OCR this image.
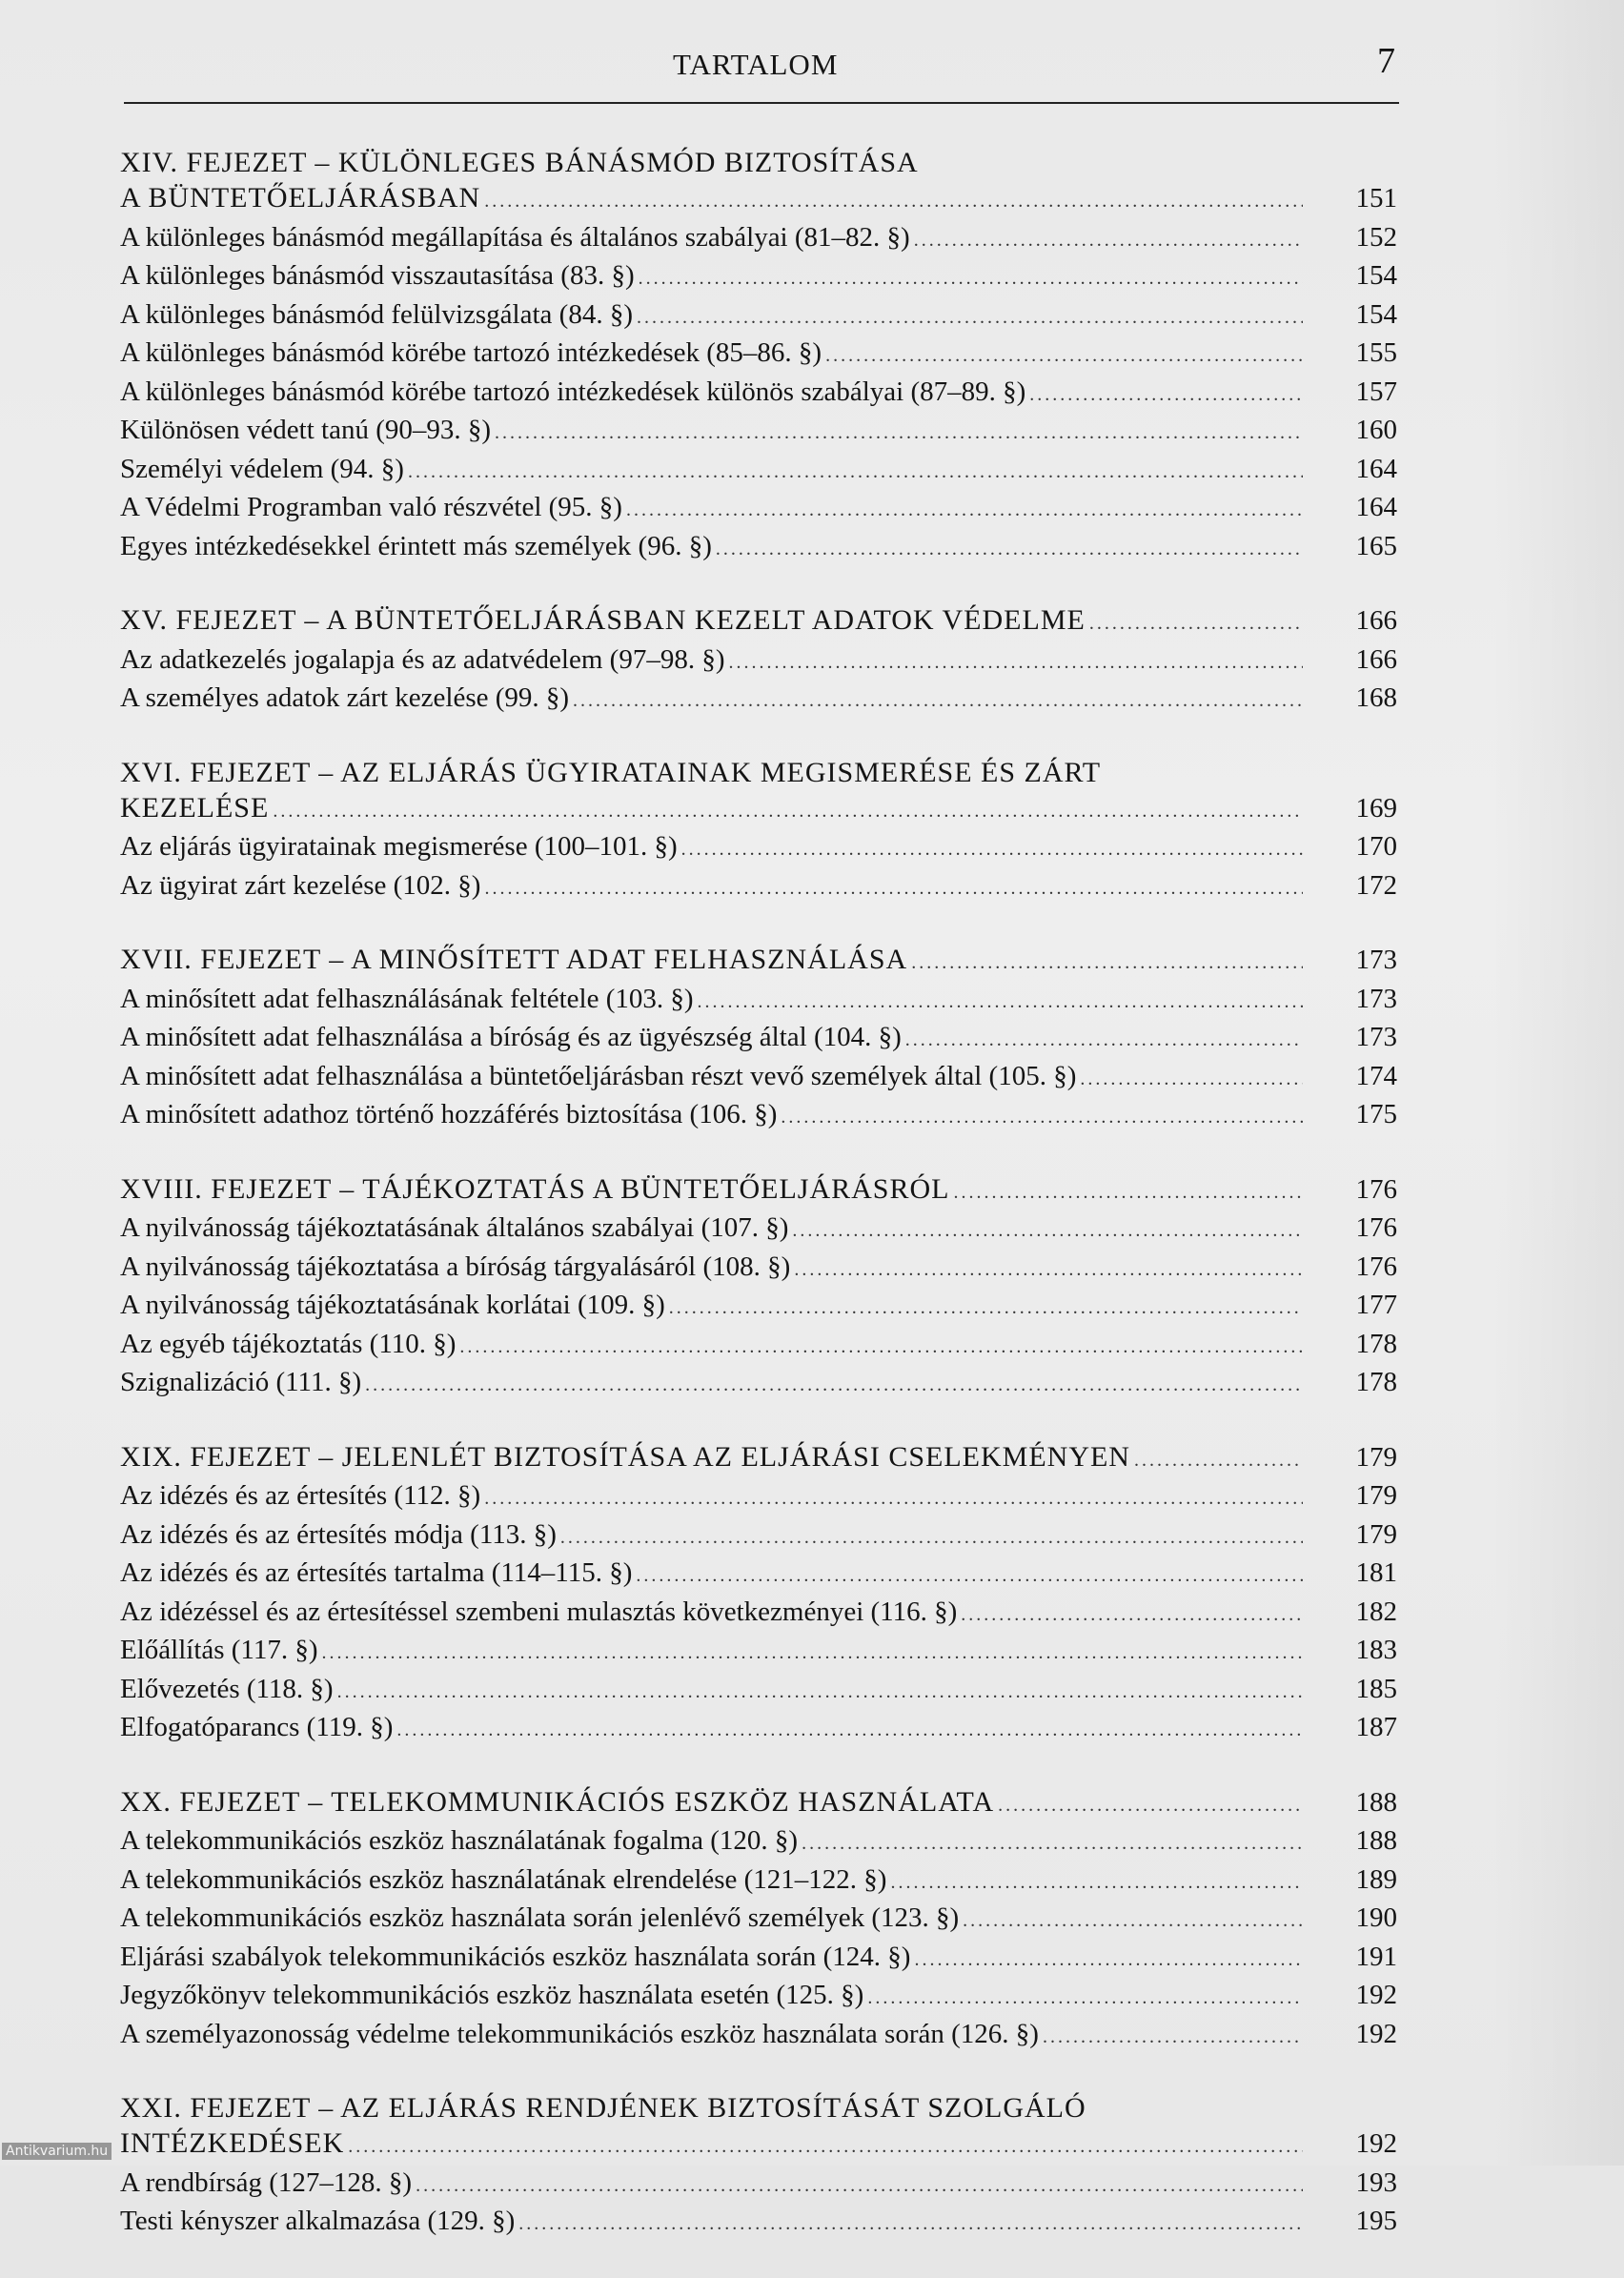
TARTALOM	7
XIV. FEJEZET – KÜLÖNLEGES BÁNÁSMÓD BIZTOSÍTÁSA
A BÜNTETŐELJÁRÁSBAN .....	151
A különleges bánásmód megállapítása és általános szabályai (81–82. §) .....	152
A különleges bánásmód visszautasítása (83. §) .....	154
A különleges bánásmód felülvizsgálata (84. §) .....	154
A különleges bánásmód körébe tartozó intézkedések (85–86. §) .....	155
A különleges bánásmód körébe tartozó intézkedések különös szabályai (87–89. §) .....	157
Különösen védett tanú (90–93. §) .....	160
Személyi védelem (94. §) .....	164
A Védelmi Programban való részvétel (95. §) .....	164
Egyes intézkedésekkel érintett más személyek (96. §) .....	165
XV. FEJEZET – A BÜNTETŐELJÁRÁSBAN KEZELT ADATOK VÉDELME .....	166
Az adatkezelés jogalapja és az adatvédelem (97–98. §) .....	166
A személyes adatok zárt kezelése (99. §) .....	168
XVI. FEJEZET – AZ ELJÁRÁS ÜGYIRATAINAK MEGISMERÉSE ÉS ZÁRT
KEZELÉSE .....	169
Az eljárás ügyiratainak megismerése (100–101. §) .....	170
Az ügyirat zárt kezelése (102. §) .....	172
XVII. FEJEZET – A MINŐSÍTETT ADAT FELHASZNÁLÁSA .....	173
A minősített adat felhasználásának feltétele (103. §) .....	173
A minősített adat felhasználása a bíróság és az ügyészség által (104. §) .....	173
A minősített adat felhasználása a büntetőeljárásban részt vevő személyek által (105. §) .....	174
A minősített adathoz történő hozzáférés biztosítása (106. §) .....	175
XVIII. FEJEZET – TÁJÉKOZTATÁS A BÜNTETŐELJÁRÁSRÓL .....	176
A nyilvánosság tájékoztatásának általános szabályai (107. §) .....	176
A nyilvánosság tájékoztatása a bíróság tárgyalásáról (108. §) .....	176
A nyilvánosság tájékoztatásának korlátai (109. §) .....	177
Az egyéb tájékoztatás (110. §) .....	178
Szignalizáció (111. §) .....	178
XIX. FEJEZET – JELENLÉT BIZTOSÍTÁSA AZ ELJÁRÁSI CSELEKMÉNYEN .....	179
Az idézés és az értesítés (112. §) .....	179
Az idézés és az értesítés módja (113. §) .....	179
Az idézés és az értesítés tartalma (114–115. §) .....	181
Az idézéssel és az értesítéssel szembeni mulasztás következményei (116. §) .....	182
Előállítás (117. §) .....	183
Elővezetés (118. §) .....	185
Elfogatóparancs (119. §) .....	187
XX. FEJEZET – TELEKOMMUNIKÁCIÓS ESZKÖZ HASZNÁLATA .....	188
A telekommunikációs eszköz használatának fogalma (120. §) .....	188
A telekommunikációs eszköz használatának elrendelése (121–122. §) .....	189
A telekommunikációs eszköz használata során jelenlévő személyek (123. §) .....	190
Eljárási szabályok telekommunikációs eszköz használata során (124. §) .....	191
Jegyzőkönyv telekommunikációs eszköz használata esetén (125. §) .....	192
A személyazonosság védelme telekommunikációs eszköz használata során (126. §) .....	192
XXI. FEJEZET – AZ ELJÁRÁS RENDJÉNEK BIZTOSÍTÁSÁT SZOLGÁLÓ
INTÉZKEDÉSEK .....	192
A rendbírság (127–128. §) .....	193
Testi kényszer alkalmazása (129. §) .....	195
Antikvarium.hu
